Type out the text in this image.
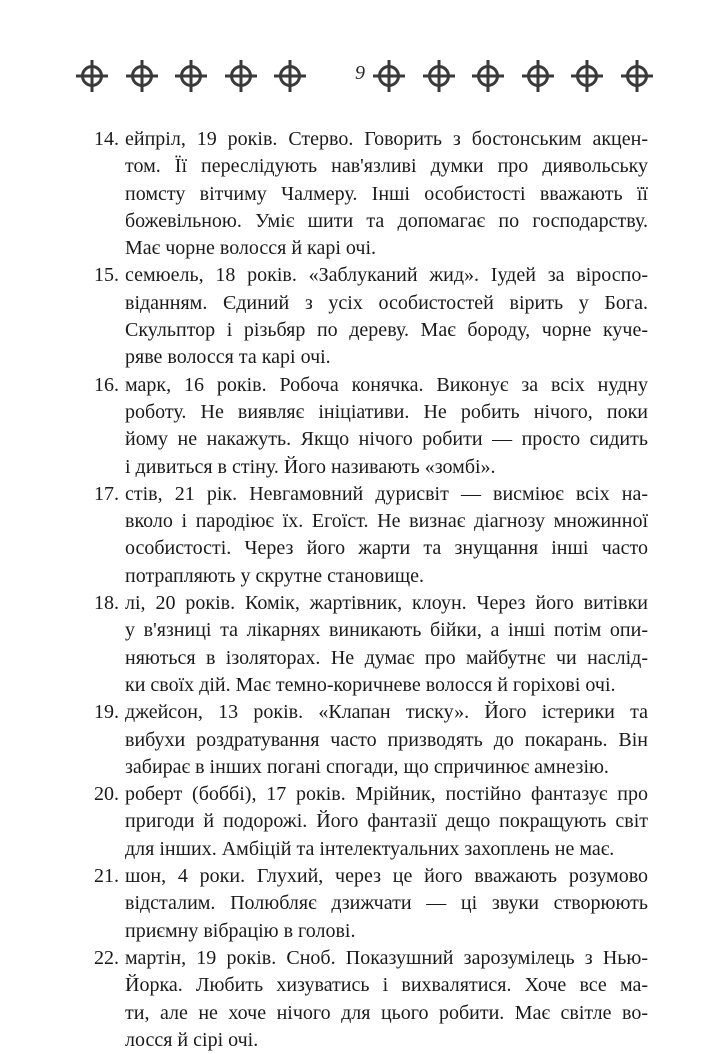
9
14. ейпріл, 19 років. Стерво. Говорить з бостонським акцен-
том. Її переслідують нав'язливі думки про диявольську
помсту вітчиму Чалмеру. Інші особистості вважають її
божевільною. Уміє шити та допомагає по господарству.
Має чорне волосся й карі очі.
15. семюель, 18 років. «Заблуканий жид». Іудей за віроспо-
віданням. Єдиний з усіх особистостей вірить у Бога.
Скульптор і різьбяр по дереву. Має бороду, чорне куче-
ряве волосся та карі очі.
16. марк, 16 років. Робоча конячка. Виконує за всіх нудну
роботу. Не виявляє ініціативи. Не робить нічого, поки
йому не накажуть. Якщо нічого робити — просто сидить
і дивиться в стіну. Його називають «зомбі».
17. стів, 21 рік. Невгамовний дурисвіт — висміює всіх на-
вколо і пародіює їх. Егоїст. Не визнає діагнозу множинної
особистості. Через його жарти та знущання інші часто
потрапляють у скрутне становище.
18. лі, 20 років. Комік, жартівник, клоун. Через його витівки
у в'язниці та лікарнях виникають бійки, а інші потім опи-
няються в ізоляторах. Не думає про майбутнє чи наслід-
ки своїх дій. Має темно-коричневе волосся й горіхові очі.
19. джейсон, 13 років. «Клапан тиску». Його істерики та
вибухи роздратування часто призводять до покарань. Він
забирає в інших погані спогади, що спричинює амнезію.
20. роберт (боббі), 17 років. Мрійник, постійно фантазує про
пригоди й подорожі. Його фантазії дещо покращують світ
для інших. Амбіцій та інтелектуальних захоплень не має.
21. шон, 4 роки. Глухий, через це його вважають розумово
відсталим. Полюбляє дзижчати — ці звуки створюють
приємну вібрацію в голові.
22. мартін, 19 років. Сноб. Показушний зарозумілець з Нью-
Йорка. Любить хизуватись і вихвалятися. Хоче все ма-
ти, але не хоче нічого для цього робити. Має світле во-
лосся й сірі очі.
